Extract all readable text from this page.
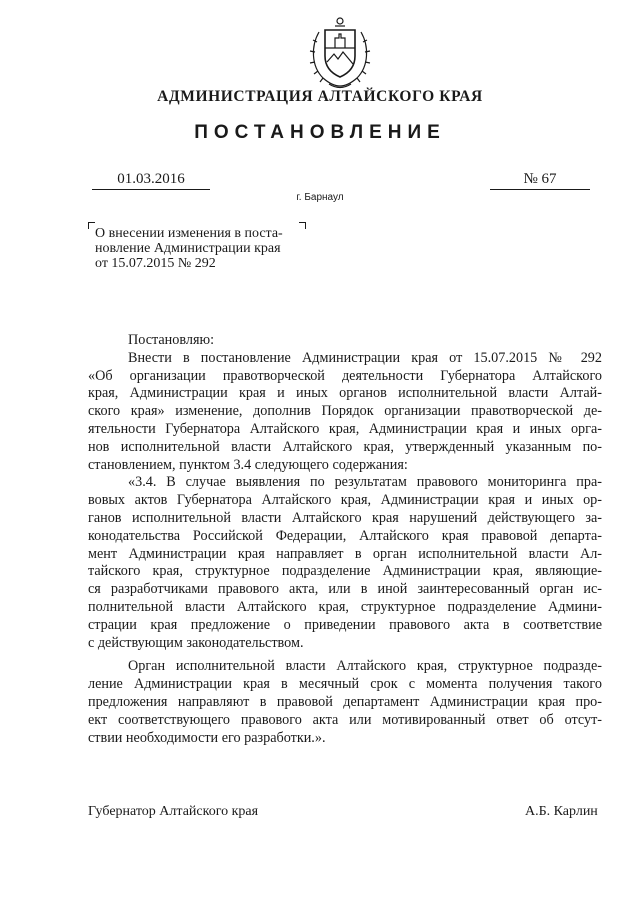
АДМИНИСТРАЦИЯ АЛТАЙСКОГО КРАЯ
ПОСТАНОВЛЕНИЕ
01.03.2016	№ 67
г. Барнаул
О внесении изменения в поста-
новление Администрации края
от 15.07.2015 № 292
Постановляю:
Внести в постановление Администрации края от 15.07.2015 № 292
«Об организации правотворческой деятельности Губернатора Алтайского
края, Администрации края и иных органов исполнительной власти Алтай-
ского края» изменение, дополнив Порядок организации правотворческой де-
ятельности Губернатора Алтайского края, Администрации края и иных орга-
нов исполнительной власти Алтайского края, утвержденный указанным по-
становлением, пунктом 3.4 следующего содержания:
«3.4. В случае выявления по результатам правового мониторинга пра-
вовых актов Губернатора Алтайского края, Администрации края и иных ор-
ганов исполнительной власти Алтайского края нарушений действующего за-
конодательства Российской Федерации, Алтайского края правовой департа-
мент Администрации края направляет в орган исполнительной власти Ал-
тайского края, структурное подразделение Администрации края, являющие-
ся разработчиками правового акта, или в иной заинтересованный орган ис-
полнительной власти Алтайского края, структурное подразделение Админи-
страции края предложение о приведении правового акта в соответствие
с действующим законодательством.
Орган исполнительной власти Алтайского края, структурное подразде-
ление Администрации края в месячный срок с момента получения такого
предложения направляют в правовой департамент Администрации края про-
ект соответствующего правового акта или мотивированный ответ об отсут-
ствии необходимости его разработки.».
Губернатор Алтайского края	А.Б. Карлин
